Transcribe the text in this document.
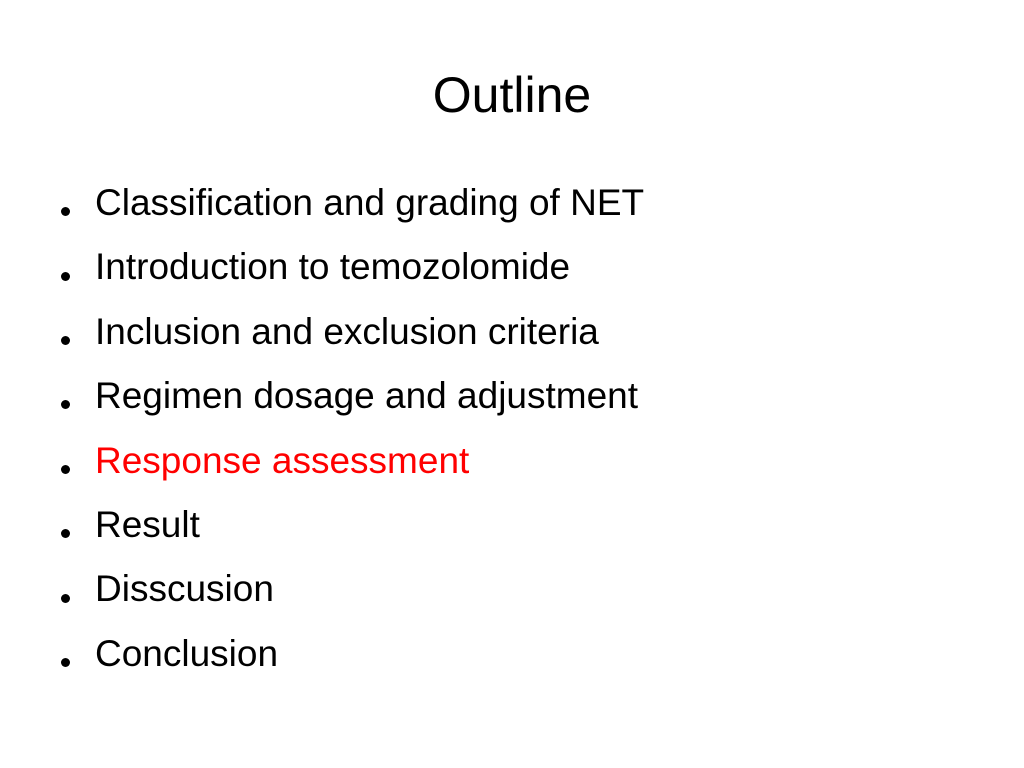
Outline
Classification and grading of NET
Introduction to temozolomide
Inclusion and exclusion criteria
Regimen dosage and adjustment
Response assessment
Result
Disscusion
Conclusion
